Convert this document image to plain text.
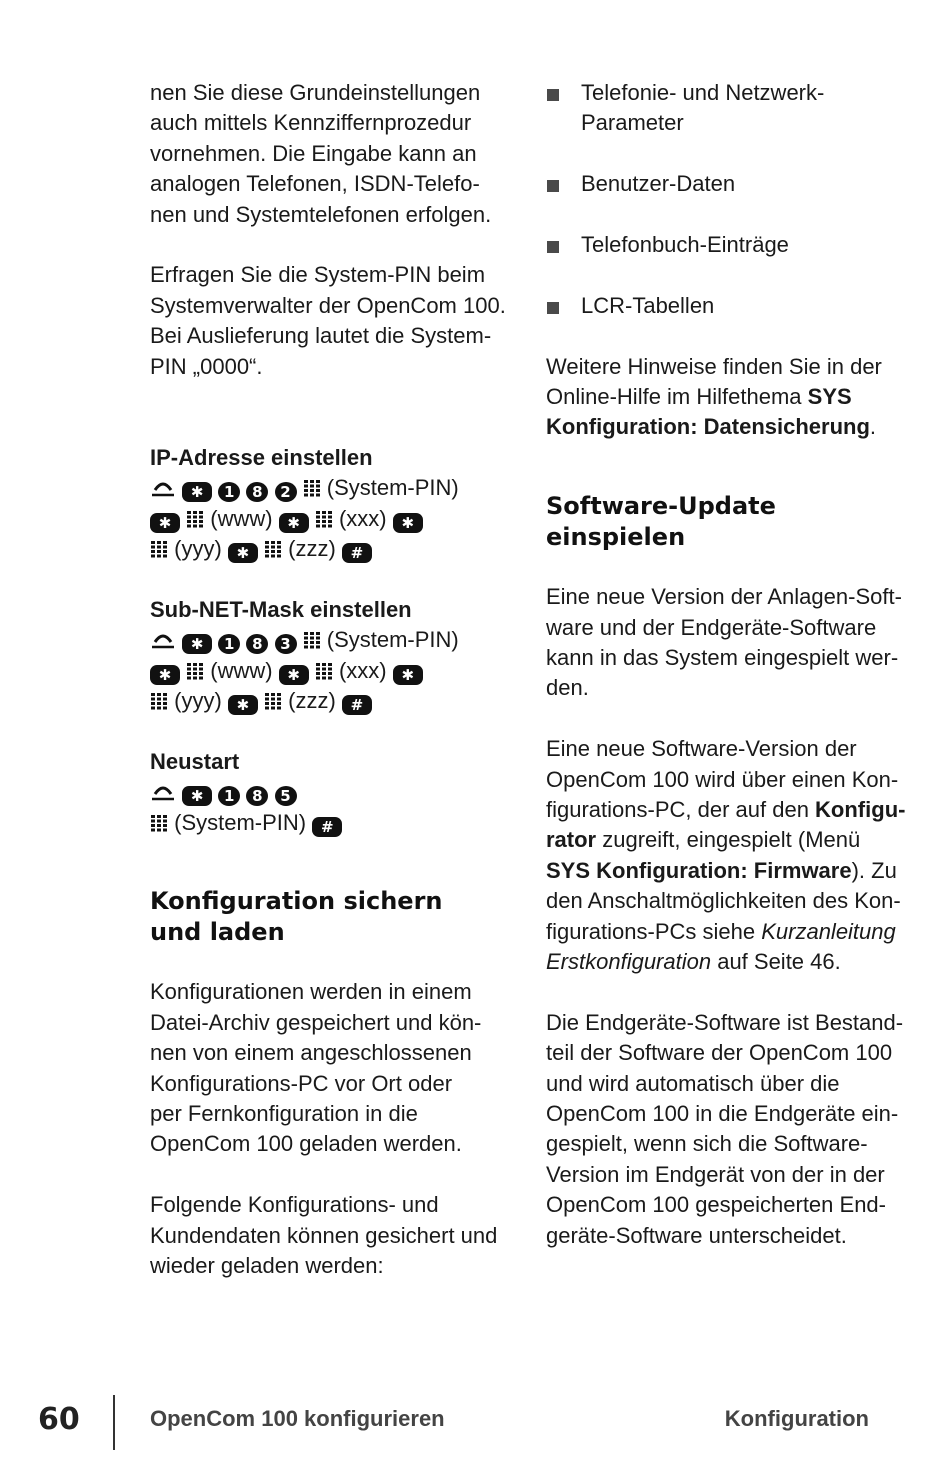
nen Sie diese Grundeinstellungen
auch mittels Kennziffernprozedur
vornehmen. Die Eingabe kann an
analogen Telefonen, ISDN-Telefo-
nen und Systemtelefonen erfolgen.
Erfragen Sie die System-PIN beim
Systemverwalter der OpenCom 100.
Bei Auslieferung lautet die System-
PIN „0000“.
IP-Adresse einstellen
✱ 1 8 2 (System-PIN)
✱ (www) ✱ (xxx) ✱
(yyy) ✱ (zzz) #
Sub-NET-Mask einstellen
✱ 1 8 3 (System-PIN)
✱ (www) ✱ (xxx) ✱
(yyy) ✱ (zzz) #
Neustart
✱ 1 8 5
(System-PIN) #
Konfiguration sichern
und laden
Konfigurationen werden in einem
Datei-Archiv gespeichert und kön-
nen von einem angeschlossenen
Konfigurations-PC vor Ort oder
per Fernkonfiguration in die
OpenCom 100 geladen werden.
Folgende Konfigurations- und
Kundendaten können gesichert und
wieder geladen werden:
Telefonie- und Netzwerk-
Parameter
Benutzer-Daten
Telefonbuch-Einträge
LCR-Tabellen
Weitere Hinweise finden Sie in der
Online-Hilfe im Hilfethema SYS
Konfiguration: Datensicherung.
Software-Update
einspielen
Eine neue Version der Anlagen-Soft-
ware und der Endgeräte-Software
kann in das System eingespielt wer-
den.
Eine neue Software-Version der
OpenCom 100 wird über einen Kon-
figurations-PC, der auf den Konfigu-
rator zugreift, eingespielt (Menü
SYS Konfiguration: Firmware). Zu
den Anschaltmöglichkeiten des Kon-
figurations-PCs siehe Kurzanleitung
Erstkonfiguration auf Seite 46.
Die Endgeräte-Software ist Bestand-
teil der Software der OpenCom 100
und wird automatisch über die
OpenCom 100 in die Endgeräte ein-
gespielt, wenn sich die Software-
Version im Endgerät von der in der
OpenCom 100 gespeicherten End-
geräte-Software unterscheidet.
60	OpenCom 100 konfigurieren	Konfiguration
